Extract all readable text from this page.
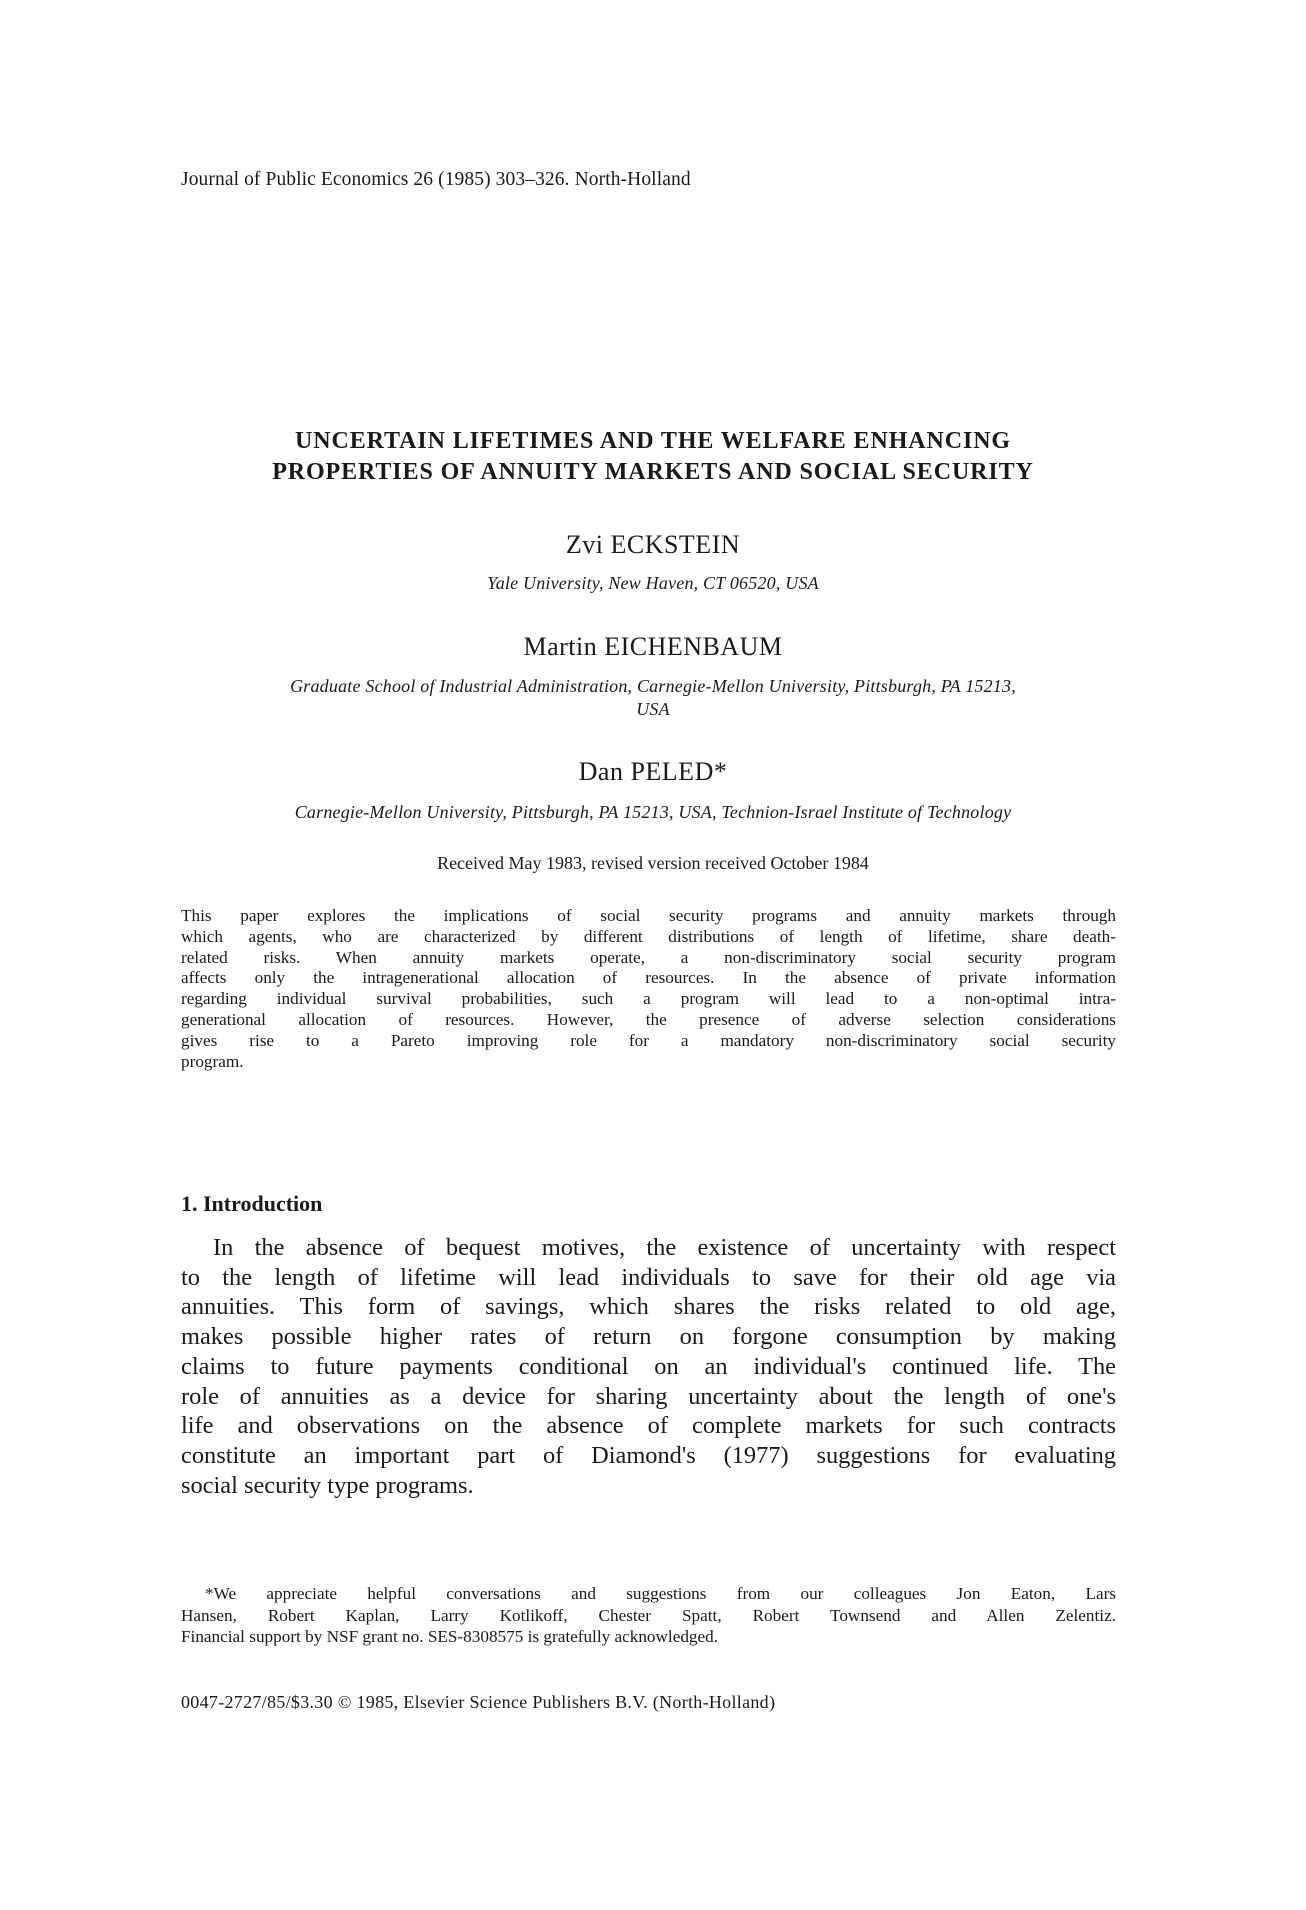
Journal of Public Economics 26 (1985) 303–326. North-Holland
UNCERTAIN LIFETIMES AND THE WELFARE ENHANCING
PROPERTIES OF ANNUITY MARKETS AND SOCIAL SECURITY
Zvi ECKSTEIN
Yale University, New Haven, CT 06520, USA
Martin EICHENBAUM
Graduate School of Industrial Administration, Carnegie-Mellon University, Pittsburgh, PA 15213,
USA
Dan PELED*
Carnegie-Mellon University, Pittsburgh, PA 15213, USA, Technion-Israel Institute of Technology
Received May 1983, revised version received October 1984
This paper explores the implications of social security programs and annuity markets through
which agents, who are characterized by different distributions of length of lifetime, share death-
related risks. When annuity markets operate, a non-discriminatory social security program
affects only the intragenerational allocation of resources. In the absence of private information
regarding individual survival probabilities, such a program will lead to a non-optimal intra-
generational allocation of resources. However, the presence of adverse selection considerations
gives rise to a Pareto improving role for a mandatory non-discriminatory social security
program.
1. Introduction
In the absence of bequest motives, the existence of uncertainty with respect
to the length of lifetime will lead individuals to save for their old age via
annuities. This form of savings, which shares the risks related to old age,
makes possible higher rates of return on forgone consumption by making
claims to future payments conditional on an individual's continued life. The
role of annuities as a device for sharing uncertainty about the length of one's
life and observations on the absence of complete markets for such contracts
constitute an important part of Diamond's (1977) suggestions for evaluating
social security type programs.
*We appreciate helpful conversations and suggestions from our colleagues Jon Eaton, Lars
Hansen, Robert Kaplan, Larry Kotlikoff, Chester Spatt, Robert Townsend and Allen Zelentiz.
Financial support by NSF grant no. SES-8308575 is gratefully acknowledged.
0047-2727/85/$3.30 © 1985, Elsevier Science Publishers B.V. (North-Holland)
